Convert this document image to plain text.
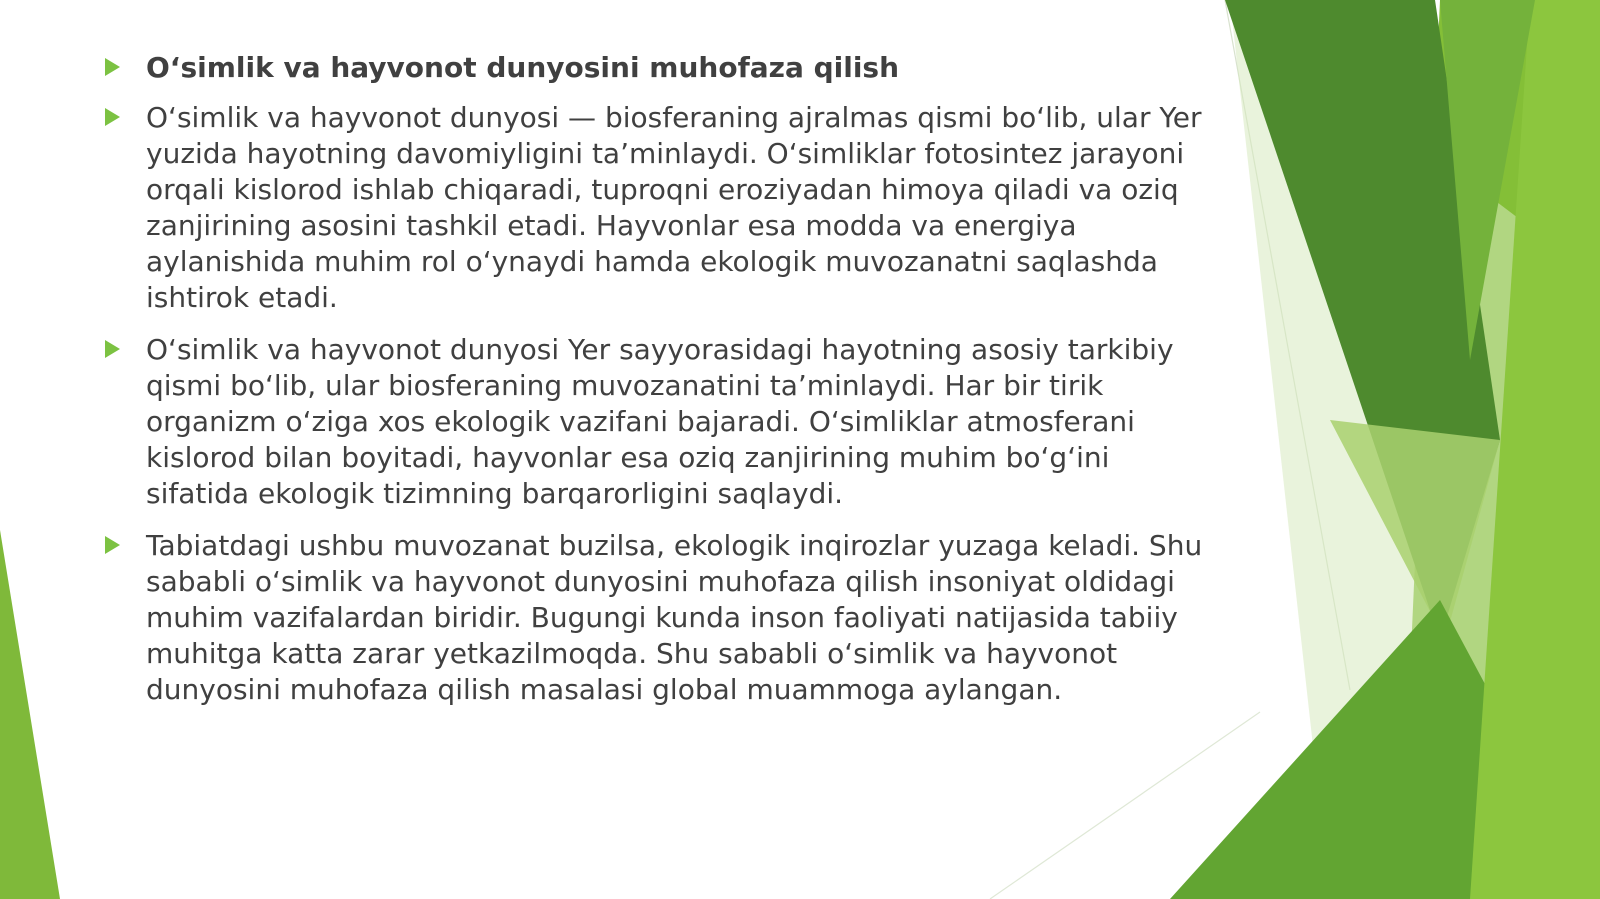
O‘simlik va hayvonot dunyosini muhofaza qilish
O‘simlik va hayvonot dunyosi — biosferaning ajralmas qismi bo‘lib, ular Yer yuzida hayotning davomiyligini ta’minlaydi. O‘simliklar fotosintez jarayoni orqali kislorod ishlab chiqaradi, tuproqni eroziyadan himoya qiladi va oziq zanjirining asosini tashkil etadi. Hayvonlar esa modda va energiya aylanishida muhim rol o‘ynaydi hamda ekologik muvozanatni saqlashda ishtirok etadi.
O‘simlik va hayvonot dunyosi Yer sayyorasidagi hayotning asosiy tarkibiy qismi bo‘lib, ular biosferaning muvozanatini ta’minlaydi. Har bir tirik organizm o‘ziga xos ekologik vazifani bajaradi. O‘simliklar atmosferani kislorod bilan boyitadi, hayvonlar esa oziq zanjirining muhim bo‘g‘ini sifatida ekologik tizimning barqarorligini saqlaydi.
Tabiatdagi ushbu muvozanat buzilsa, ekologik inqirozlar yuzaga keladi. Shu sababli o‘simlik va hayvonot dunyosini muhofaza qilish insoniyat oldidagi muhim vazifalardan biridir. Bugungi kunda inson faoliyati natijasida tabiiy muhitga katta zarar yetkazilmoqda. Shu sababli o‘simlik va hayvonot dunyosini muhofaza qilish masalasi global muammoga aylangan.
